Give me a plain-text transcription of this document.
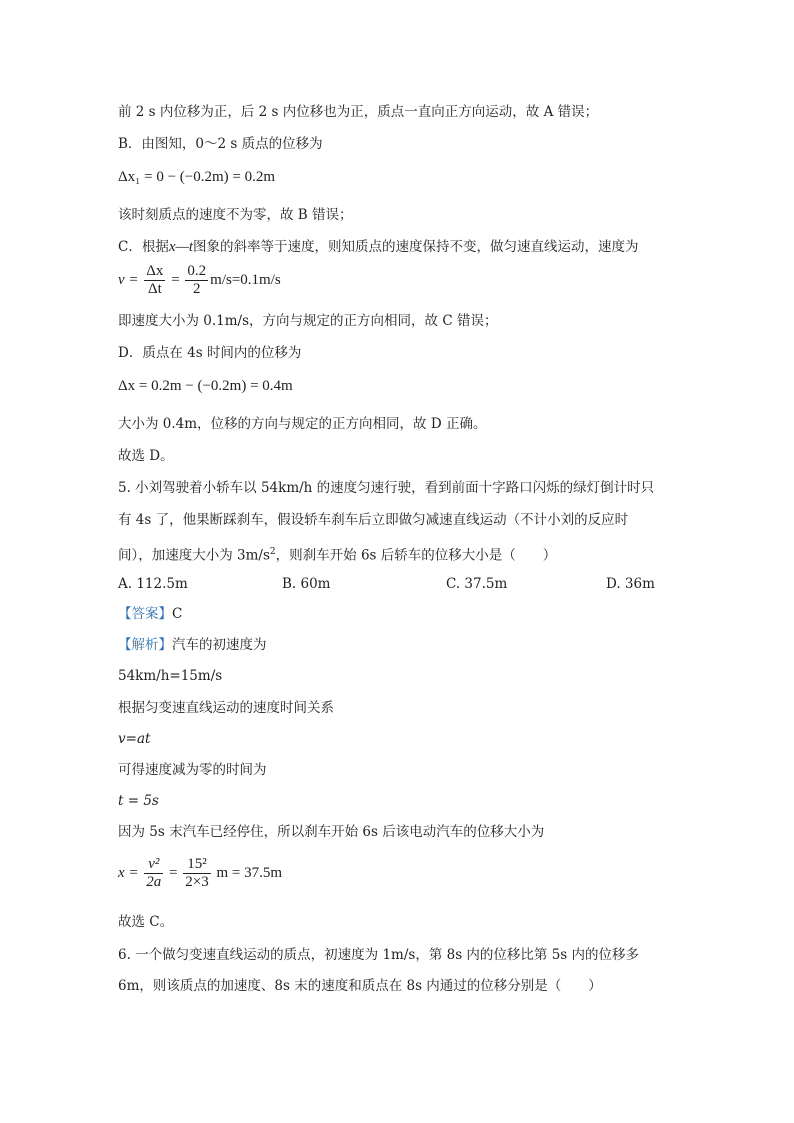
前 2 s 内位移为正，后 2 s 内位移也为正，质点一直向正方向运动，故 A 错误；
B．由图知，0～2 s 质点的位移为
Δx₁ = 0 − (−0.2m) = 0.2m
该时刻质点的速度不为零，故 B 错误；
C．根据x—t图象的斜率等于速度，则知质点的速度保持不变，做匀速直线运动，速度为
$v = \frac{\Delta x}{\Delta t} = \frac{0.2}{2} m/s=0.1m/s$
即速度大小为 0.1m/s，方向与规定的正方向相同，故 C 错误；
D．质点在 4s 时间内的位移为
Δx = 0.2m − (−0.2m) = 0.4m
大小为 0.4m，位移的方向与规定的正方向相同，故 D 正确。
故选 D。
5. 小刘驾驶着小轿车以 54km/h 的速度匀速行驶，看到前面十字路口闪烁的绿灯倒计时只
有 4s 了，他果断踩刹车，假设轿车刹车后立即做匀减速直线运动（不计小刘的反应时
间），加速度大小为 $3m/s^2$，则刹车开始 6s 后轿车的位移大小是（　　）
A. 112.5m	B. 60m	C. 37.5m	D. 36m
【答案】C
【解析】汽车的初速度为
54km/h=15m/s
根据匀变速直线运动的速度时间关系
v=at
可得速度减为零的时间为
t = 5s
因为 5s 末汽车已经停住，所以刹车开始 6s 后该电动汽车的位移大小为
$x = \frac{\text{v²}}{2a} = \frac{\text{15²}}{2\times 3}$ m = 37.5m
故选 C。
6. 一个做匀变速直线运动的质点，初速度为 1m/s，第 8s 内的位移比第 5s 内的位移多
6m，则该质点的加速度、8s 末的速度和质点在 8s 内通过的位移分别是（　　）
